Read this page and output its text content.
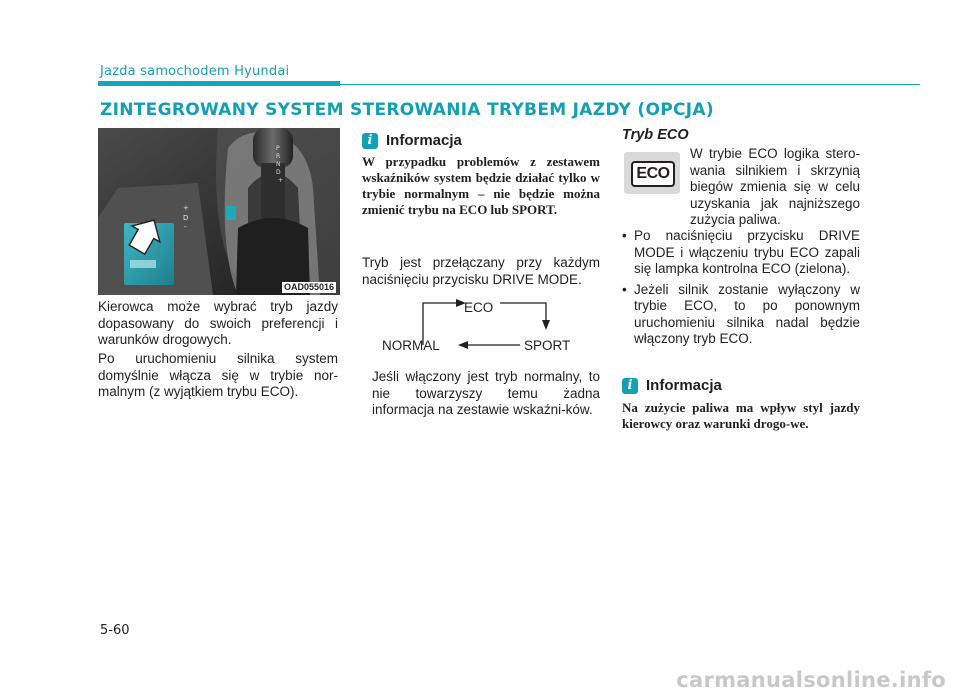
Jazda samochodem Hyundai
ZINTEGROWANY SYSTEM STEROWANIA TRYBEM JAZDY (OPCJA)
P
R
N
D
+
+
D
-
OAD055016

Kierowca może wybrać tryb jazdy dopasowany do swoich preferencji i warunków drogowych.

Po uruchomieniu silnika system domyślnie włącza się w trybie nor-malnym (z wyjątkiem trybu ECO).

i Informacja

W przypadku problemów z zestawem wskaźników system będzie działać tylko w trybie normalnym – nie będzie można zmienić trybu na ECO lub SPORT.

Tryb jest przełączany przy każdym naciśnięciu przycisku DRIVE MODE.

ECO
SPORT
NORMAL

Jeśli włączony jest tryb normalny, to nie towarzyszy temu żadna informacja na zestawie wskaźni-ków.

Tryb ECO
ECO

W trybie ECO logika stero-wania silnikiem i skrzynią biegów zmienia się w celu uzyskania jak najniższego zużycia paliwa.

• Po naciśnięciu przycisku DRIVE MODE i włączeniu trybu ECO zapali się lampka kontrolna ECO (zielona).
• Jeżeli silnik zostanie wyłączony w trybie ECO, to po ponownym uruchomieniu silnika nadal będzie włączony tryb ECO.
i Informacja

Na zużycie paliwa ma wpływ styl jazdy kierowcy oraz warunki drogo-we.

5-60
carmanualsonline.info
